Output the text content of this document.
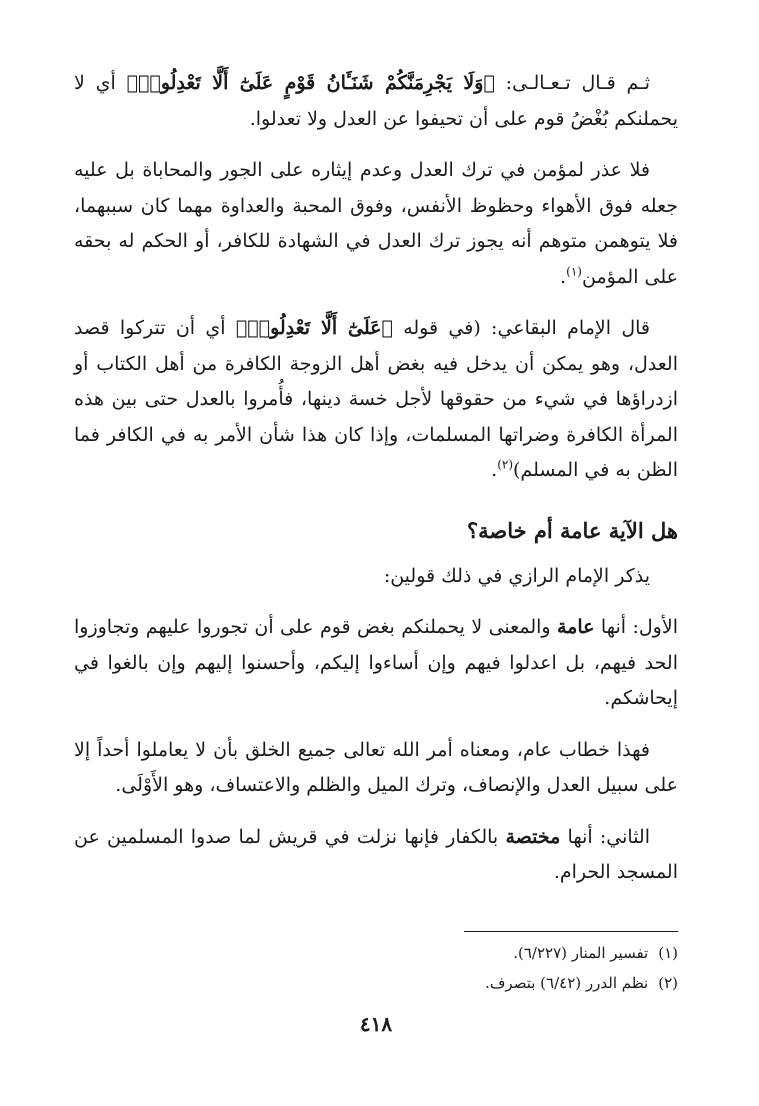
ثـم قـال تـعـالـى: ﴿وَلَا يَجْرِمَنَّكُمْ شَنَـَٔانُ قَوْمٍ عَلَىٰٓ أَلَّا تَعْدِلُوا۟﴾ أي لا يحملنكم بُغْضُ قوم على أن تحيفوا عن العدل ولا تعدلوا.

فلا عذر لمؤمن في ترك العدل وعدم إيثاره على الجور والمحاباة بل عليه جعله فوق الأهواء وحظوظ الأنفس، وفوق المحبة والعداوة مهما كان سببهما، فلا يتوهمن متوهم أنه يجوز ترك العدل في الشهادة للكافر، أو الحكم له بحقه على المؤمن$^{(١)}$.

قال الإمام البقاعي: (في قوله ﴿عَلَىٰٓ أَلَّا تَعْدِلُوا۟﴾ أي أن تتركوا قصد العدل، وهو يمكن أن يدخل فيه بغض أهل الزوجة الكافرة من أهل الكتاب أو ازدراؤها في شيء من حقوقها لأجل خسة دينها، فأُمروا بالعدل حتى بين هذه المرأة الكافرة وضراتها المسلمات، وإذا كان هذا شأن الأمر به في الكافر فما الظن به في المسلم)$^{(٢)}$.

هل الآية عامة أم خاصة؟

يذكر الإمام الرازي في ذلك قولين:

الأول: أنها عامة والمعنى لا يحملنكم بغض قوم على أن تجوروا عليهم وتجاوزوا الحد فيهم، بل اعدلوا فيهم وإن أساءوا إليكم، وأحسنوا إليهم وإن بالغوا في إيحاشكم.

فهذا خطاب عام، ومعناه أمر الله تعالى جميع الخلق بأن لا يعاملوا أحداً إلا على سبيل العدل والإنصاف، وترك الميل والظلم والاعتساف، وهو الأَوْلَى.

الثاني: أنها مختصة بالكفار فإنها نزلت في قريش لما صدوا المسلمين عن المسجد الحرام.

(١)تفسير المنار (٦/٢٢٧).

(٢)نظم الدرر (٦/٤٢) بتصرف.

٤١٨
